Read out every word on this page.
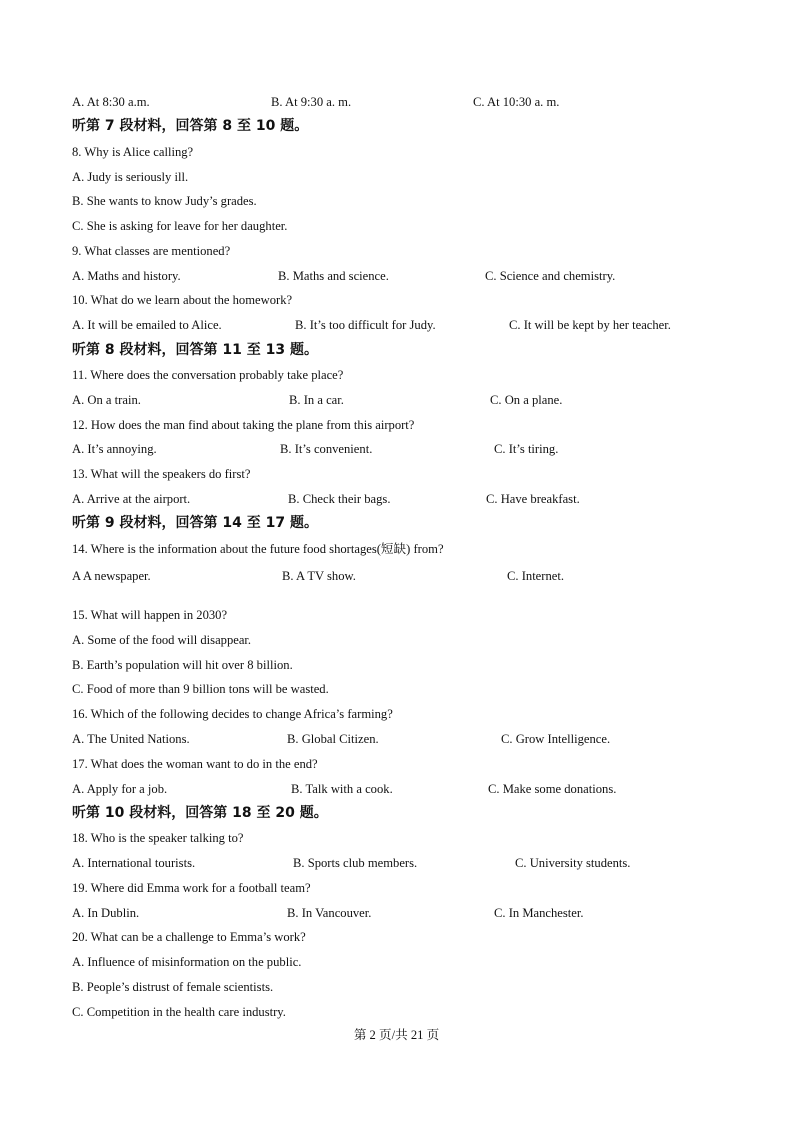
A. At 8:30 a.m.	B. At 9:30 a. m.	C. At 10:30 a. m.
听第 7 段材料，回答第 8 至 10 题。
8. Why is Alice calling?
A. Judy is seriously ill.
B. She wants to know Judy’s grades.
C. She is asking for leave for her daughter.
9. What classes are mentioned?
A. Maths and history.	B. Maths and science.	C. Science and chemistry.
10. What do we learn about the homework?
A. It will be emailed to Alice.	B. It’s too difficult for Judy.	C. It will be kept by her teacher.
听第 8 段材料，回答第 11 至 13 题。
11. Where does the conversation probably take place?
A. On a train.	B. In a car.	C. On a plane.
12. How does the man find about taking the plane from this airport?
A. It’s annoying.	B. It’s convenient.	C. It’s tiring.
13. What will the speakers do first?
A. Arrive at the airport.	B. Check their bags.	C. Have breakfast.
听第 9 段材料，回答第 14 至 17 题。
14. Where is the information about the future food shortages(短缺) from?
A A newspaper.	B. A TV show.	C. Internet.
15. What will happen in 2030?
A. Some of the food will disappear.
B. Earth’s population will hit over 8 billion.
C. Food of more than 9 billion tons will be wasted.
16. Which of the following decides to change Africa’s farming?
A. The United Nations.	B. Global Citizen.	C. Grow Intelligence.
17. What does the woman want to do in the end?
A. Apply for a job.	B. Talk with a cook.	C. Make some donations.
听第 10 段材料，回答第 18 至 20 题。
18. Who is the speaker talking to?
A. International tourists.	B. Sports club members.	C. University students.
19. Where did Emma work for a football team?
A. In Dublin.	B. In Vancouver.	C. In Manchester.
20. What can be a challenge to Emma’s work?
A. Influence of misinformation on the public.
B. People’s distrust of female scientists.
C. Competition in the health care industry.
第 2 页/共 21 页
